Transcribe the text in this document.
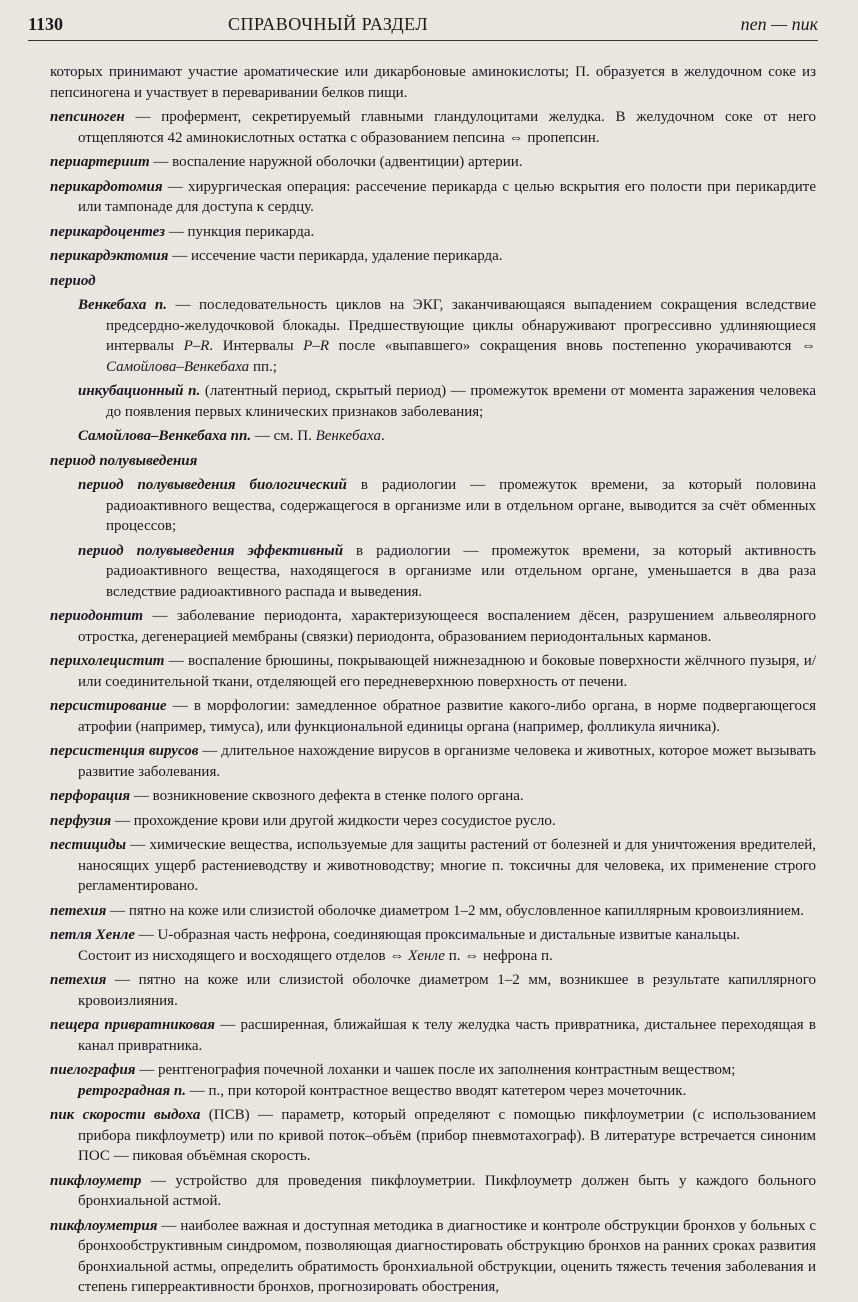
1130	СПРАВОЧНЫЙ РАЗДЕЛ	пеп — пик

которых принимают участие ароматические или дикарбоновые аминокислоты; П. образуется в желудочном соке из пепсиногена и участвует в переваривании белков пищи.

пепсиноген — профермент, секретируемый главными гландулоцитами желудка. В желудочном соке от него отщепляются 42 аминокислотных остатка с образованием пепсина ⇔ пропепсин.

периартериит — воспаление наружной оболочки (адвентиции) артерии.

перикардотомия — хирургическая операция: рассечение перикарда с целью вскрытия его полости при перикардите или тампонаде для доступа к сердцу.

перикардоцентез — пункция перикарда.

перикардэктомия — иссечение части перикарда, удаление перикарда.

период

Венкебаха п. — последовательность циклов на ЭКГ, заканчивающаяся выпадением сокращения вследствие предсердно-желудочковой блокады. Предшествующие циклы обнаруживают прогрессивно удлиняющиеся интервалы P–R. Интервалы P–R после «выпавшего» сокращения вновь постепенно укорачиваются ⇔ Самойлова–Венкебаха пп.;

инкубационный п. (латентный период, скрытый период) — промежуток времени от момента заражения человека до появления первых клинических признаков заболевания;

Самойлова–Венкебаха пп. — см. П. Венкебаха.

период полувыведения

период полувыведения биологический в радиологии — промежуток времени, за который половина радиоактивного вещества, содержащегося в организме или в отдельном органе, выводится за счёт обменных процессов;

период полувыведения эффективный в радиологии — промежуток времени, за который активность радиоактивного вещества, находящегося в организме или отдельном органе, уменьшается в два раза вследствие радиоактивного распада и выведения.

периодонтит — заболевание периодонта, характеризующееся воспалением дёсен, разрушением альвеолярного отростка, дегенерацией мембраны (связки) периодонта, образованием периодонтальных карманов.

перихолецистит — воспаление брюшины, покрывающей нижнезаднюю и боковые поверхности жёлчного пузыря, и/или соединительной ткани, отделяющей его передневерхнюю поверхность от печени.

персистирование — в морфологии: замедленное обратное развитие какого-либо органа, в норме подвергающегося атрофии (например, тимуса), или функциональной единицы органа (например, фолликула яичника).

персистенция вирусов — длительное нахождение вирусов в организме человека и животных, которое может вызывать развитие заболевания.

перфорация — возникновение сквозного дефекта в стенке полого органа.

перфузия — прохождение крови или другой жидкости через сосудистое русло.

пестициды — химические вещества, используемые для защиты растений от болезней и для уничтожения вредителей, наносящих ущерб растениеводству и животноводству; многие п. токсичны для человека, их применение строго регламентировано.

петехия — пятно на коже или слизистой оболочке диаметром 1–2 мм, обусловленное капиллярным кровоизлиянием.

петля Хенле — U-образная часть нефрона, соединяющая проксимальные и дистальные извитые канальцы.

Состоит из нисходящего и восходящего отделов ⇔ Хенле п. ⇔ нефрона п.

петехия — пятно на коже или слизистой оболочке диаметром 1–2 мм, возникшее в результате капиллярного кровоизлияния.

пещера привратниковая — расширенная, ближайшая к телу желудка часть привратника, дистальнее переходящая в канал привратника.

пиелография — рентгенография почечной лоханки и чашек после их заполнения контрастным веществом;

ретроградная п. — п., при которой контрастное вещество вводят катетером через мочеточник.

пик скорости выдоха (ПСВ) — параметр, который определяют с помощью пикфлоуметрии (с использованием прибора пикфлоуметр) или по кривой поток–объём (прибор пневмотахограф). В литературе встречается синоним ПОС — пиковая объёмная скорость.

пикфлоуметр — устройство для проведения пикфлоуметрии. Пикфлоуметр должен быть у каждого больного бронхиальной астмой.

пикфлоуметрия — наиболее важная и доступная методика в диагностике и контроле обструкции бронхов у больных с бронхообструктивным синдромом, позволяющая диагностировать обструкцию бронхов на ранних сроках развития бронхиальной астмы, определить обратимость бронхиальной обструкции, оценить тяжесть течения заболевания и степень гиперреактивности бронхов, прогнозировать обострения,
